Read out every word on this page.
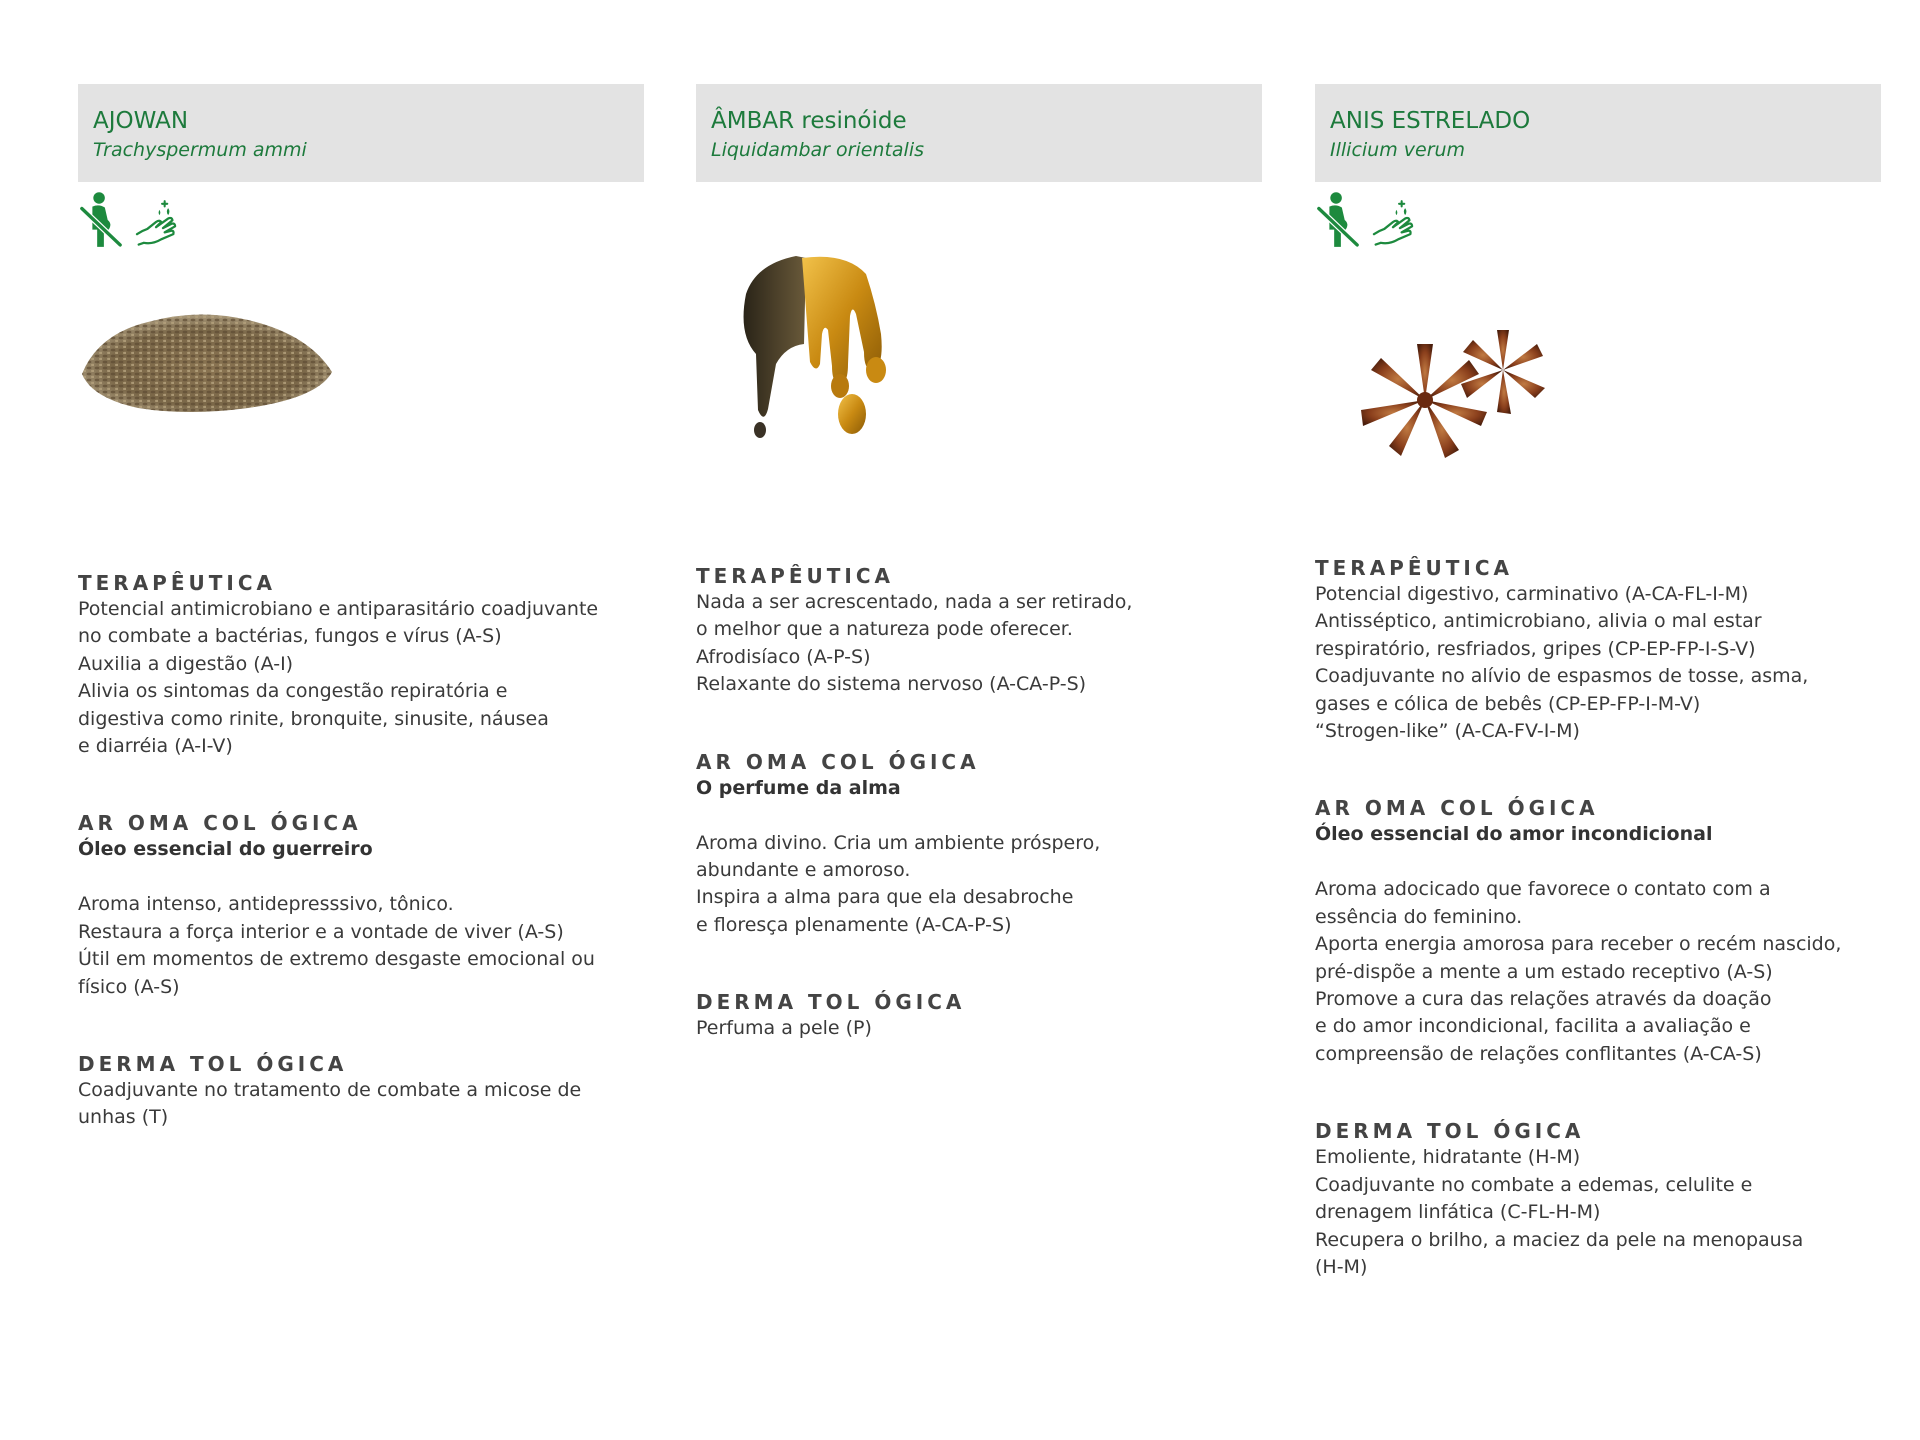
AJOWAN
Trachyspermum ammi
TERAPÊUTICA
Potencial antimicrobiano e antiparasitário coadjuvante
no combate a bactérias, fungos e vírus (A-S)
Auxilia a digestão (A-I)
Alivia os sintomas da congestão repiratória e
digestiva como rinite, bronquite, sinusite, náusea
e diarréia (A-I-V)
AR OMA COL ÓGICA
Óleo essencial do guerreiro
Aroma intenso, antidepresssivo, tônico.
Restaura a força interior e a vontade de viver (A-S)
Útil em momentos de extremo desgaste emocional ou
físico (A-S)
DERMA TOL ÓGICA
Coadjuvante no tratamento de combate a micose de
unhas (T)
ÂMBAR resinóide
Liquidambar orientalis
TERAPÊUTICA
Nada a ser acrescentado, nada a ser retirado,
o melhor que a natureza pode oferecer.
Afrodisíaco (A-P-S)
Relaxante do sistema nervoso (A-CA-P-S)
AR OMA COL ÓGICA
O perfume da alma
Aroma divino. Cria um ambiente próspero,
abundante e amoroso.
Inspira a alma para que ela desabroche
e floresça plenamente (A-CA-P-S)
DERMA TOL ÓGICA
Perfuma a pele (P)
ANIS ESTRELADO
Illicium verum
TERAPÊUTICA
Potencial digestivo, carminativo (A-CA-FL-I-M)
Antisséptico, antimicrobiano, alivia o mal estar
respiratório, resfriados, gripes (CP-EP-FP-I-S-V)
Coadjuvante no alívio de espasmos de tosse, asma,
gases e cólica de bebês (CP-EP-FP-I-M-V)
“Strogen-like” (A-CA-FV-I-M)
AR OMA COL ÓGICA
Óleo essencial do amor incondicional
Aroma adocicado que favorece o contato com a
essência do feminino.
Aporta energia amorosa para receber o recém nascido,
pré-dispõe a mente a um estado receptivo (A-S)
Promove a cura das relações através da doação
e do amor incondicional, facilita a avaliação e
compreensão de relações conflitantes (A-CA-S)
DERMA TOL ÓGICA
Emoliente, hidratante (H-M)
Coadjuvante no combate a edemas, celulite e
drenagem linfática (C-FL-H-M)
Recupera o brilho, a maciez da pele na menopausa
(H-M)
